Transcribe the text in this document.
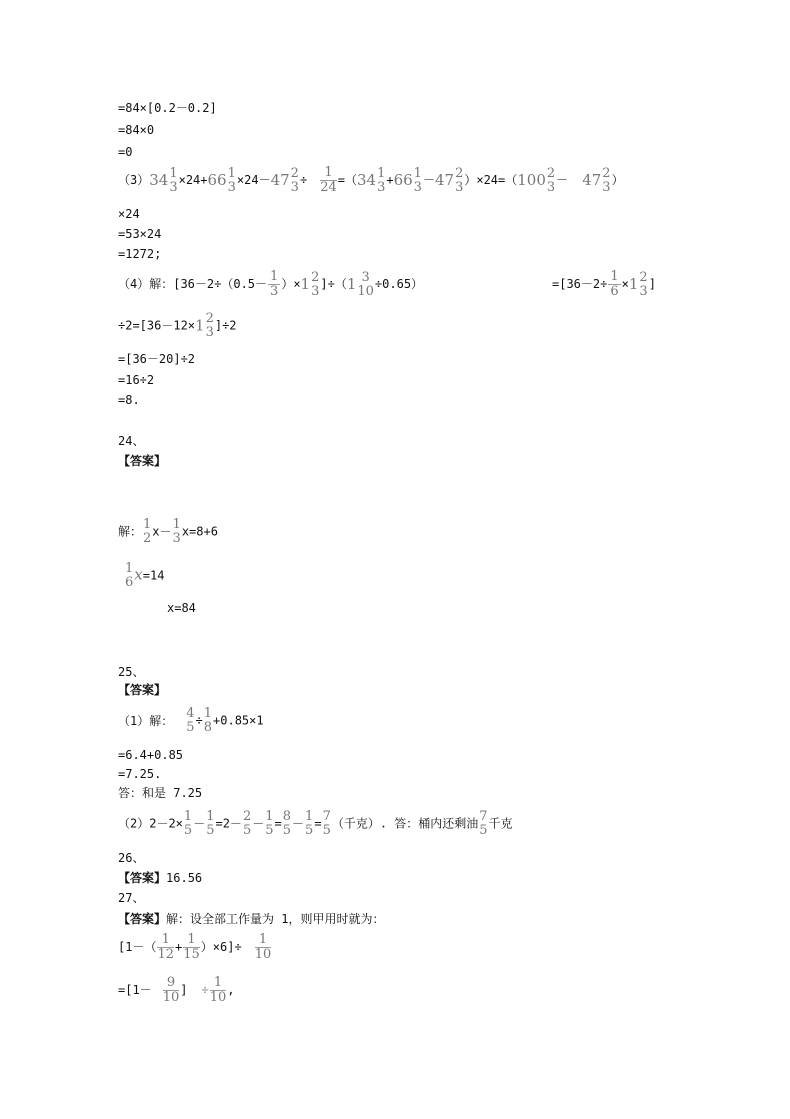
=84×[0.2－0.2]
=84×0
=0
（3）34 1
3 ×24+66 1
3 ×24－47 2
$3 \div \frac{1}{24} =(34$ 1
3 +66 1
3 －47 2
3 ）×24=（100 2
3 － 47 2
3 ）
×24
=53×24
=1272;
（4）解：[$36-2\div(0.5- \frac{1}{3} )\times 1$ 2
3 ]÷（1 3
10 ÷0.65）	$=[36-2\div \frac{1}{6} \times 1$ 2
3 ]
÷2=[36－12×1 2
3 ]÷2
=[36－20]÷2
=16÷2
=8.
24、
【答案】
解： 1
2 x－ 1
3 x=8+6
1
6 x=14
x=84
25、
【答案】
（1）解： 4
5 ÷ 1
8 +0.85×1
=6.4+0.85
=7.25.
答：和是 7.25
（2）2－2× 1
5 － 1
5 =2－ 2
5 － 1
5 = 8
5 － 1
5 = 7
5 （千克）. 答：桶内还剩油 7
5 千克
26、
【答案】16.56
27、
【答案】解：设全部工作量为 1，则甲用时就为：
$[1-( \frac{1}{12} + \frac{1}{15} )\times 6]\div \frac{1}{10}$
$=[1- \frac{9}{10}$ ] ÷ $\frac{1}{10}$ ,
